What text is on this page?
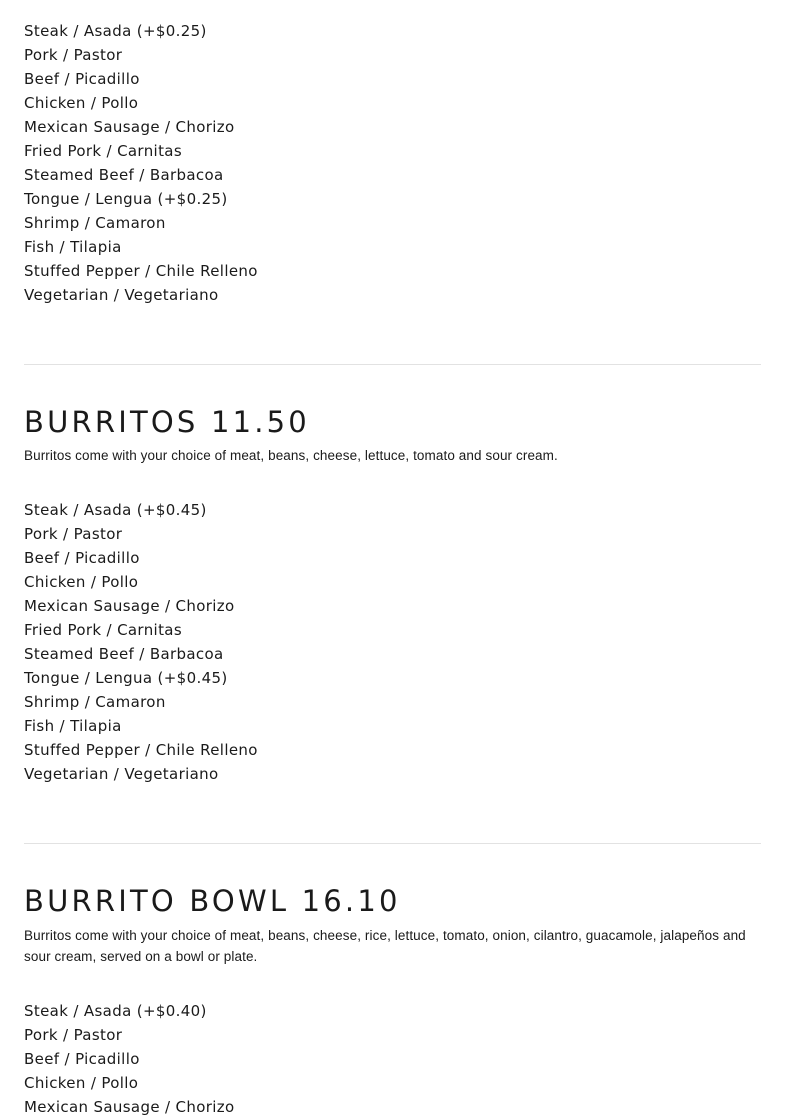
Steak / Asada (+$0.25)
Pork / Pastor
Beef / Picadillo
Chicken / Pollo
Mexican Sausage / Chorizo
Fried Pork / Carnitas
Steamed Beef / Barbacoa
Tongue / Lengua (+$0.25)
Shrimp / Camaron
Fish / Tilapia
Stuffed Pepper / Chile Relleno
Vegetarian / Vegetariano
BURRITOS 11.50

Burritos come with your choice of meat, beans, cheese, lettuce, tomato and sour cream.

Steak / Asada (+$0.45)
Pork / Pastor
Beef / Picadillo
Chicken / Pollo
Mexican Sausage / Chorizo
Fried Pork / Carnitas
Steamed Beef / Barbacoa
Tongue / Lengua (+$0.45)
Shrimp / Camaron
Fish / Tilapia
Stuffed Pepper / Chile Relleno
Vegetarian / Vegetariano
BURRITO BOWL 16.10

Burritos come with your choice of meat, beans, cheese, rice, lettuce, tomato, onion, cilantro, guacamole, jalapeños and sour cream, served on a bowl or plate.

Steak / Asada (+$0.40)
Pork / Pastor
Beef / Picadillo
Chicken / Pollo
Mexican Sausage / Chorizo
